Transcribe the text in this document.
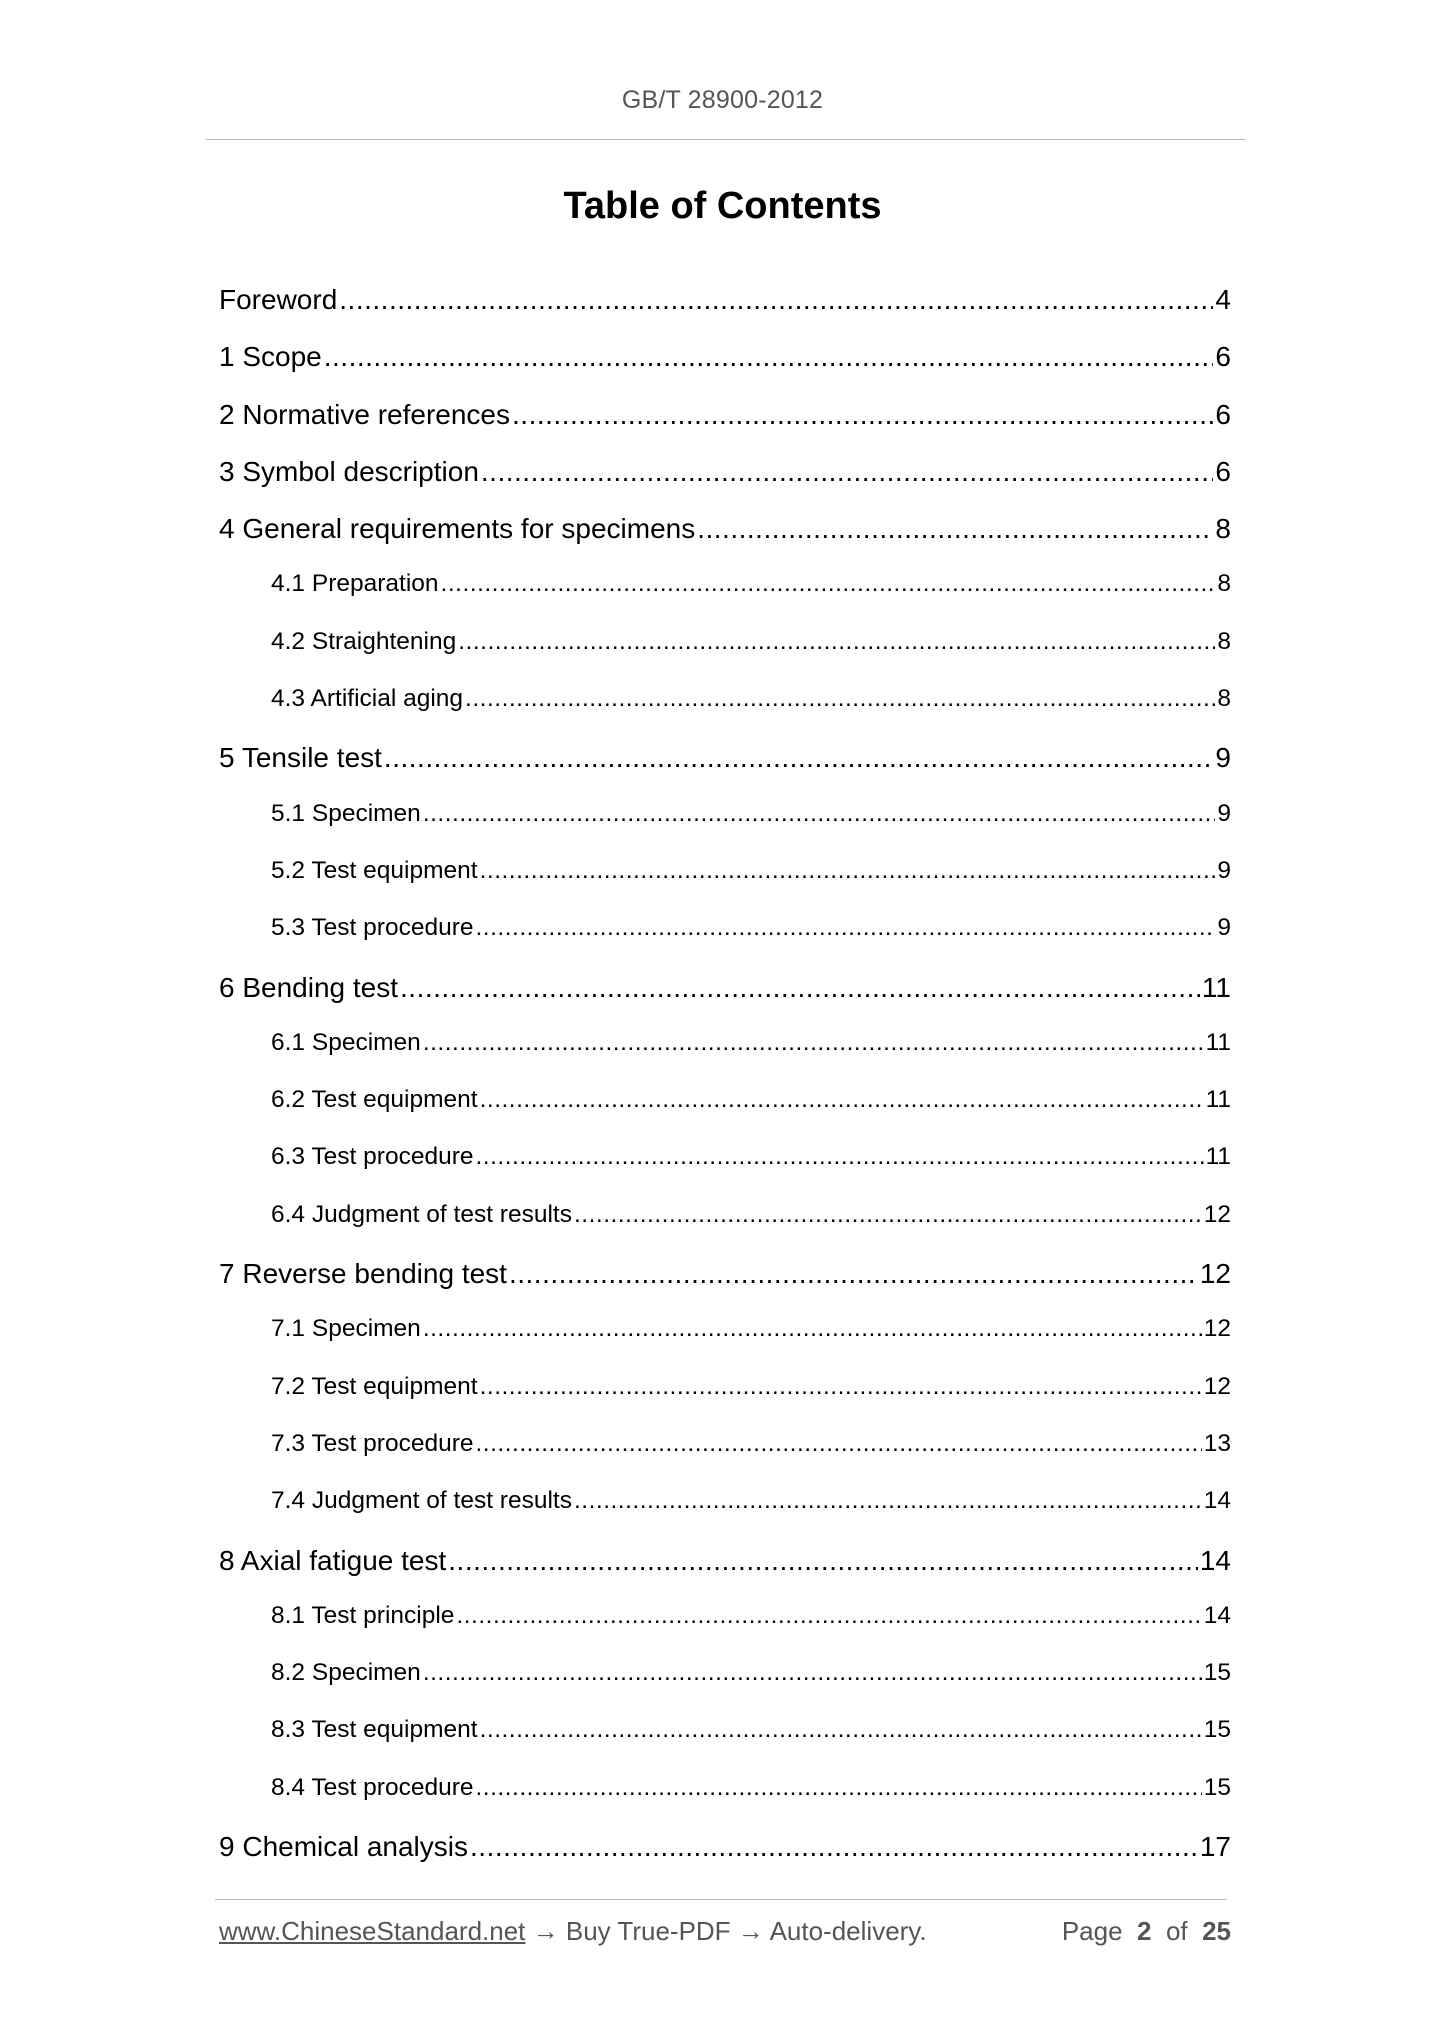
GB/T 28900-2012
Table of Contents
Foreword .....	4
1 Scope .....	6
2 Normative references .....	6
3 Symbol description .....	6
4 General requirements for specimens .....	8
4.1 Preparation .....	8
4.2 Straightening .....	8
4.3 Artificial aging .....	8
5 Tensile test .....	9
5.1 Specimen .....	9
5.2 Test equipment .....	9
5.3 Test procedure .....	9
6 Bending test .....	11
6.1 Specimen .....	11
6.2 Test equipment .....	11
6.3 Test procedure .....	11
6.4 Judgment of test results .....	12
7 Reverse bending test .....	12
7.1 Specimen .....	12
7.2 Test equipment .....	12
7.3 Test procedure .....	13
7.4 Judgment of test results .....	14
8 Axial fatigue test .....	14
8.1 Test principle .....	14
8.2 Specimen .....	15
8.3 Test equipment .....	15
8.4 Test procedure .....	15
9 Chemical analysis .....	17
www.ChineseStandard.net → Buy True-PDF → Auto-delivery.	Page 2 of 25
